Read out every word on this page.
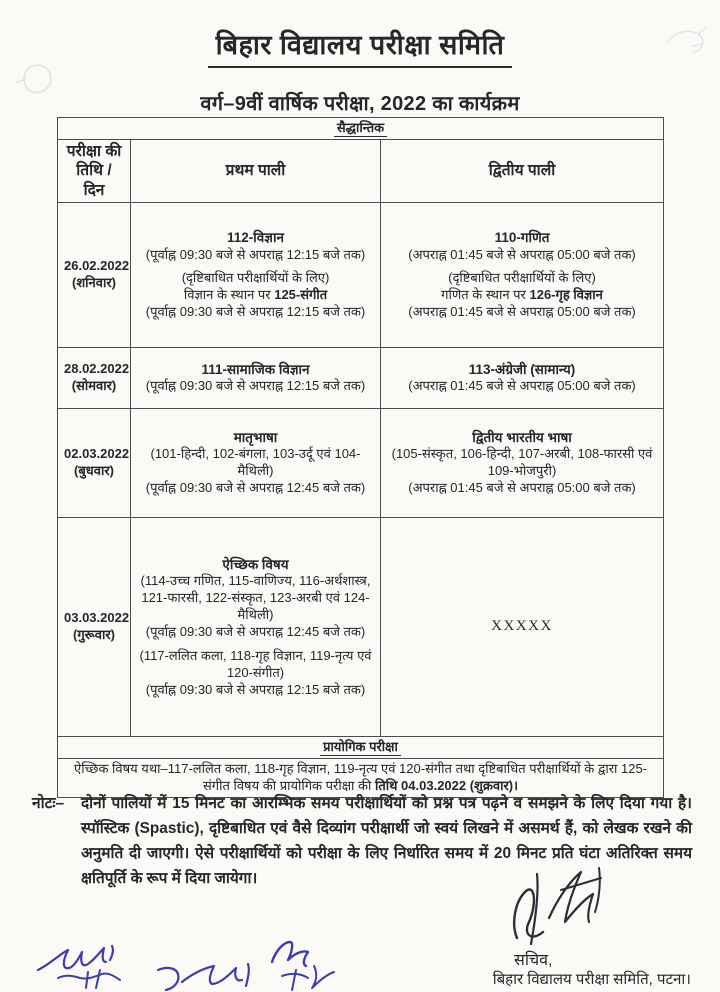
बिहार विद्यालय परीक्षा समिति
वर्ग–9वीं वार्षिक परीक्षा, 2022 का कार्यक्रम
सैद्धान्तिक		

परीक्षा की
तिथि / दिन	प्रथम पाली	द्वितीय पाली

26.02.2022
(शनिवार)	112-विज्ञान
(पूर्वाह्न 09:30 बजे से अपराह्न 12:15 बजे तक)
(दृष्टिबाधित परीक्षार्थियों के लिए)
विज्ञान के स्थान पर 125-संगीत
(पूर्वाह्न 09:30 बजे से अपराह्न 12:15 बजे तक)	110-गणित
(अपराह्न 01:45 बजे से अपराह्न 05:00 बजे तक)
(दृष्टिबाधित परीक्षार्थियों के लिए)
गणित के स्थान पर 126-गृह विज्ञान
(अपराह्न 01:45 बजे से अपराह्न 05:00 बजे तक)

28.02.2022
(सोमवार)	111-सामाजिक विज्ञान
(पूर्वाह्न 09:30 बजे से अपराह्न 12:15 बजे तक)	113-अंग्रेजी (सामान्य)
(अपराह्न 01:45 बजे से अपराह्न 05:00 बजे तक)

02.03.2022
(बुधवार)	मातृभाषा
(101-हिन्दी, 102-बंगला, 103-उर्दू एवं 104-मैथिली)
(पूर्वाह्न 09:30 बजे से अपराह्न 12:45 बजे तक)	द्वितीय भारतीय भाषा
(105-संस्कृत, 106-हिन्दी, 107-अरबी, 108-फारसी एवं 109-भोजपुरी)
(अपराह्न 01:45 बजे से अपराह्न 05:00 बजे तक)

03.03.2022
(गुरूवार)	ऐच्छिक विषय
(114-उच्च गणित, 115-वाणिज्य, 116-अर्थशास्त्र, 121-फारसी, 122-संस्कृत, 123-अरबी एवं 124-मैथिली)
(पूर्वाह्न 09:30 बजे से अपराह्न 12:45 बजे तक)
(117-ललित कला, 118-गृह विज्ञान, 119-नृत्य एवं 120-संगीत)
(पूर्वाह्न 09:30 बजे से अपराह्न 12:15 बजे तक)	XXXXX
प्रायोगिक परीक्षा		
ऐच्छिक विषय यथा–117-ललित कला, 118-गृह विज्ञान, 119-नृत्य एवं 120-संगीत तथा दृष्टिबाधित परीक्षार्थियों के द्वारा 125-संगीत विषय की प्रायोगिक परीक्षा की तिथि 04.03.2022 (शुक्रवार)।		
नोटः–	दोनों पालियों में 15 मिनट का आरम्भिक समय परीक्षार्थियों को प्रश्न पत्र पढ़ने व समझने के लिए दिया गया है। स्पॉस्टिक (Spastic), दृष्टिबाधित एवं वैसे दिव्यांग परीक्षार्थी जो स्वयं लिखने में असमर्थ हैं, को लेखक रखने की अनुमति दी जाएगी। ऐसे परीक्षार्थियों को परीक्षा के लिए निर्धारित समय में 20 मिनट प्रति घंटा अतिरिक्त समय क्षतिपूर्ति के रूप में दिया जायेगा।
सचिव,
बिहार विद्यालय परीक्षा समिति, पटना।
